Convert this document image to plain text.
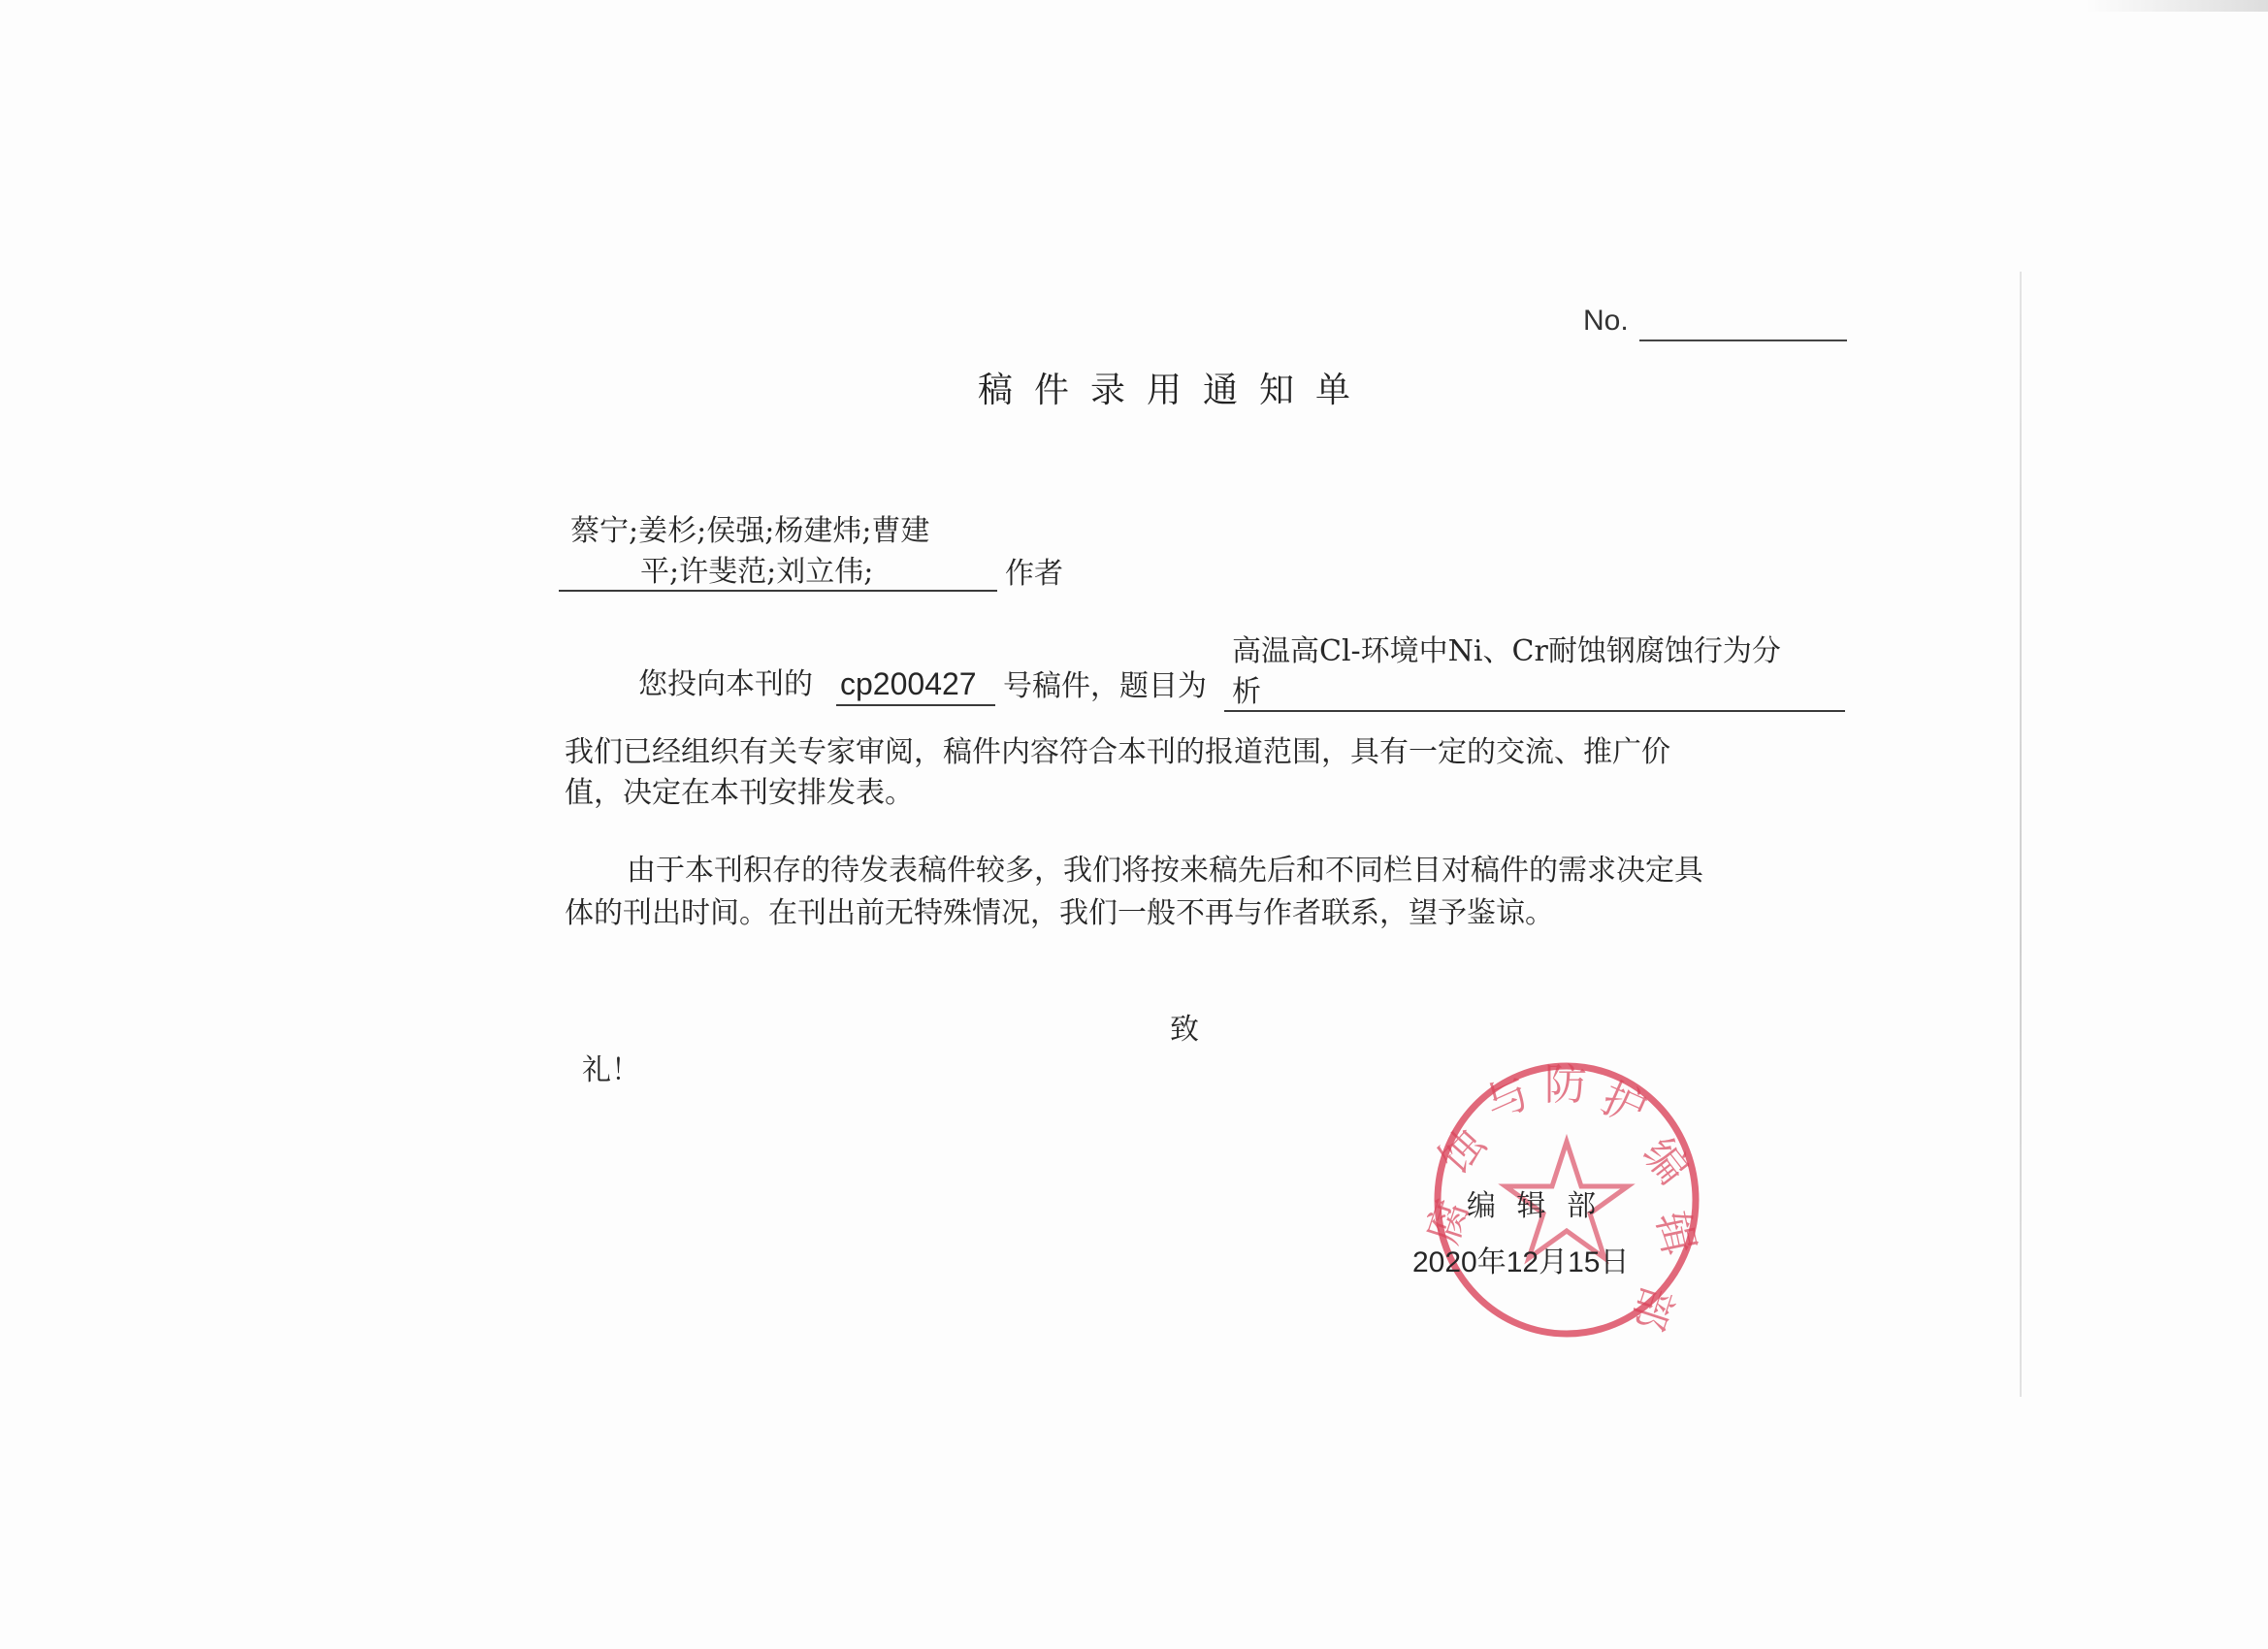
No.
稿件录用通知单
蔡宁;姜杉;侯强;杨建炜;曹建
平;许斐范;刘立伟;	作者
您投向本刊的 cp200427 号稿件，题目为
高温高Cl-环境中Ni、Cr耐蚀钢腐蚀行为分
析
我们已经组织有关专家审阅，稿件内容符合本刊的报道范围，具有一定的交流、推广价
值，决定在本刊安排发表。
由于本刊积存的待发表稿件较多，我们将按来稿先后和不同栏目对稿件的需求决定具
体的刊出时间。在刊出前无特殊情况，我们一般不再与作者联系，望予鉴谅。
致
礼！
腐
蚀
与 防 护
编
辑
部
编 辑 部
2020年12月15日
